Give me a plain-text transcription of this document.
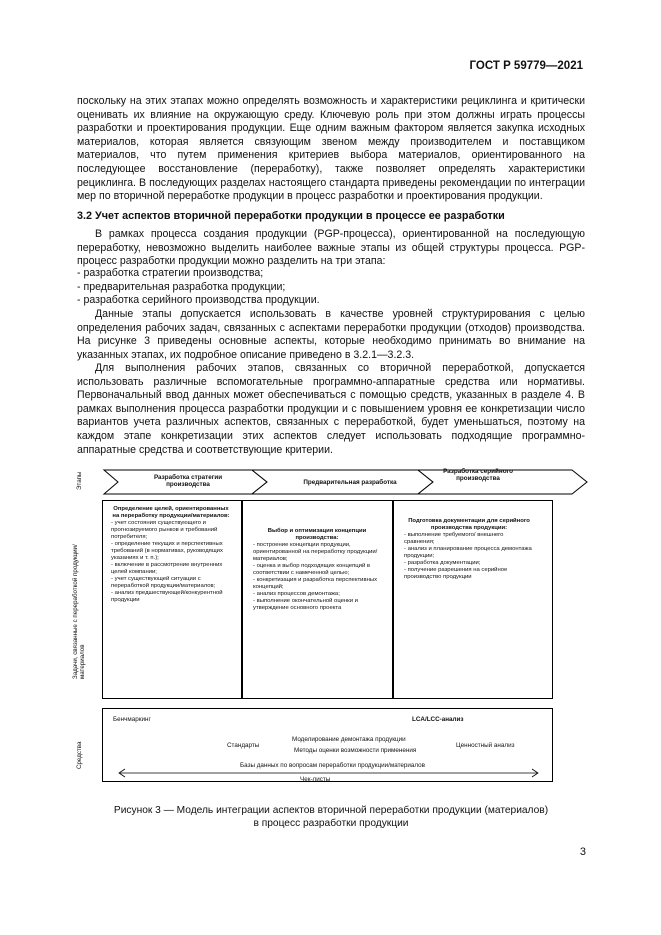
ГОСТ Р 59779—2021

поскольку на этих этапах можно определять возможность и характеристики рециклинга и критически оценивать их влияние на окружающую среду. Ключевую роль при этом должны играть процессы разработки и проектирования продукции. Еще одним важным фактором является закупка исходных материалов, которая является связующим звеном между производителем и поставщиком материалов, что путем применения критериев выбора материалов, ориентированного на последующее восстановление (переработку), также позволяет определять характеристики рециклинга. В последующих разделах настоящего стандарта приведены рекомендации по интеграции мер по вторичной переработке продукции в процесс разработки и проектирования продукции.

3.2 Учет аспектов вторичной переработки продукции в процессе ее разработки

В рамках процесса создания продукции (PGP-процесса), ориентированной на последующую переработку, невозможно выделить наиболее важные этапы из общей структуры процесса. PGP-процесс разработки продукции можно разделить на три этапа:

- разработка стратегии производства;
- предварительная разработка продукции;
- разработка серийного производства продукции.

Данные этапы допускается использовать в качестве уровней структурирования с целью определения рабочих задач, связанных с аспектами переработки продукции (отходов) производства. На рисунке 3 приведены основные аспекты, которые необходимо принимать во внимание на указанных этапах, их подробное описание приведено в 3.2.1—3.2.3.

Для выполнения рабочих этапов, связанных со вторичной переработкой, допускается использовать различные вспомогательные программно-аппаратные средства или нормативы. Первоначальный ввод данных может обеспечиваться с помощью средств, указанных в разделе 4. В рамках выполнения процесса разработки продукции и с повышением уровня ее конкретизации число вариантов учета различных аспектов, связанных с переработкой, будет уменьшаться, поэтому на каждом этапе конкретизации этих аспектов следует использовать подходящие программно-аппаратные средства и соответствующие критерии.

Этапы
Задачи, связанные с переработкой продукции/материалов
Средства
Разработка стратегии производства	Предварительная разработка
Разработка серийного производства
Определение целей, ориентированных на переработку продукции/материалов:
- учет состояния существующего и прогнозируемого рынков и требований потребителя;
- определение текущих и перспективных требований (в нормативах, руководящих указаниях и т. п.);
- включение в рассмотрение внутренних целей компании;
- учет существующей ситуации с переработкой продукции/материалов;
- анализ предшествующей/конкурентной продукции
Выбор и оптимизация концепции производства:
- построение концепции продукции, ориентированной на переработку продукции/материалов;
- оценка и выбор подходящих концепций в соответствии с намеченной целью;
- конкретизация и разработка перспективных концепций;
- анализ процессов демонтажа;
- выполнение окончательной оценки и утверждение основного проекта
Подготовка документации для серийного производства продукции:
- выполнение требуемого/ внешнего сравнения;
- анализ и планирование процесса демонтажа продукции;
- разработка документации;
- получение разрешения на серийное производство продукции
Бенчмаркинг	LCA/LCC-анализ
Стандарты
Моделирование демонтажа продукции
Методы оценки возможности применения
Ценностный анализ
Базы данных по вопросам переработки продукции/материалов
Чек-листы
Рисунок 3 — Модель интеграции аспектов вторичной переработки продукции (материалов)
в процесс разработки продукции
3
